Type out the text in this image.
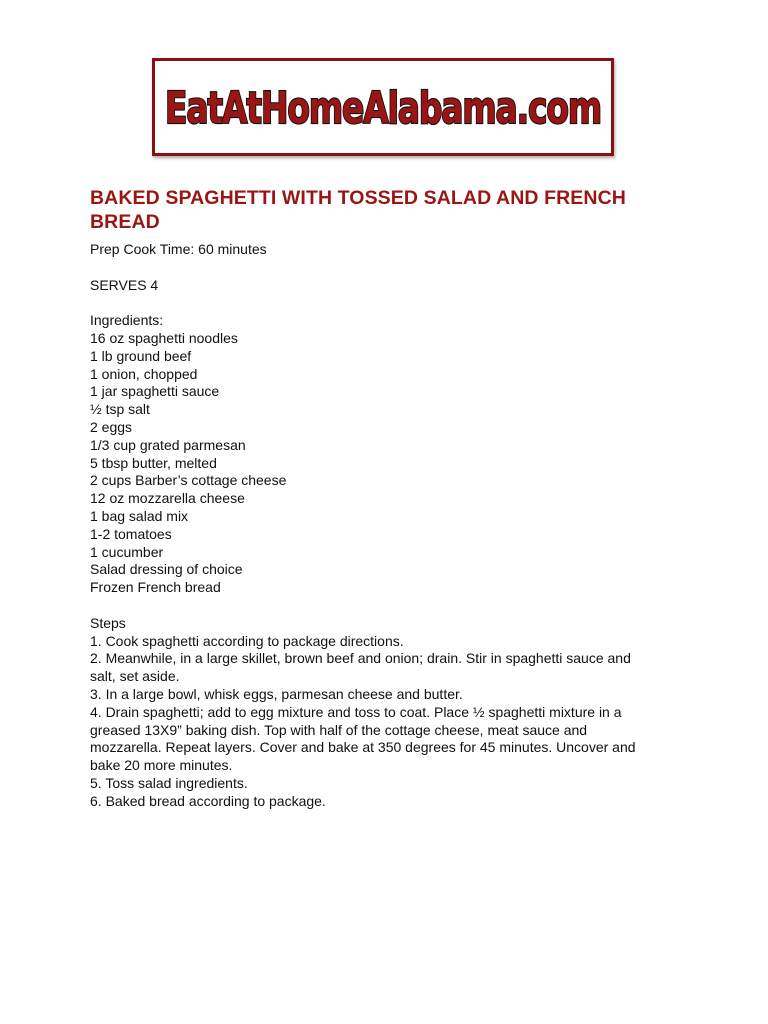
EatAtHomeAlabama.com
BAKED SPAGHETTI WITH TOSSED SALAD AND FRENCH
BREAD
Prep Cook Time: 60 minutes
SERVES 4
Ingredients:
16 oz spaghetti noodles
1 lb ground beef
1 onion, chopped
1 jar spaghetti sauce
½ tsp salt
2 eggs
1/3 cup grated parmesan
5 tbsp butter, melted
2 cups Barber’s cottage cheese
12 oz mozzarella cheese
1 bag salad mix
1-2 tomatoes
1 cucumber
Salad dressing of choice
Frozen French bread
Steps
1. Cook spaghetti according to package directions.
2. Meanwhile, in a large skillet, brown beef and onion; drain. Stir in spaghetti sauce and
salt, set aside.
3. In a large bowl, whisk eggs, parmesan cheese and butter.
4. Drain spaghetti; add to egg mixture and toss to coat. Place ½ spaghetti mixture in a
greased 13X9” baking dish. Top with half of the cottage cheese, meat sauce and
mozzarella. Repeat layers. Cover and bake at 350 degrees for 45 minutes. Uncover and
bake 20 more minutes.
5. Toss salad ingredients.
6. Baked bread according to package.
